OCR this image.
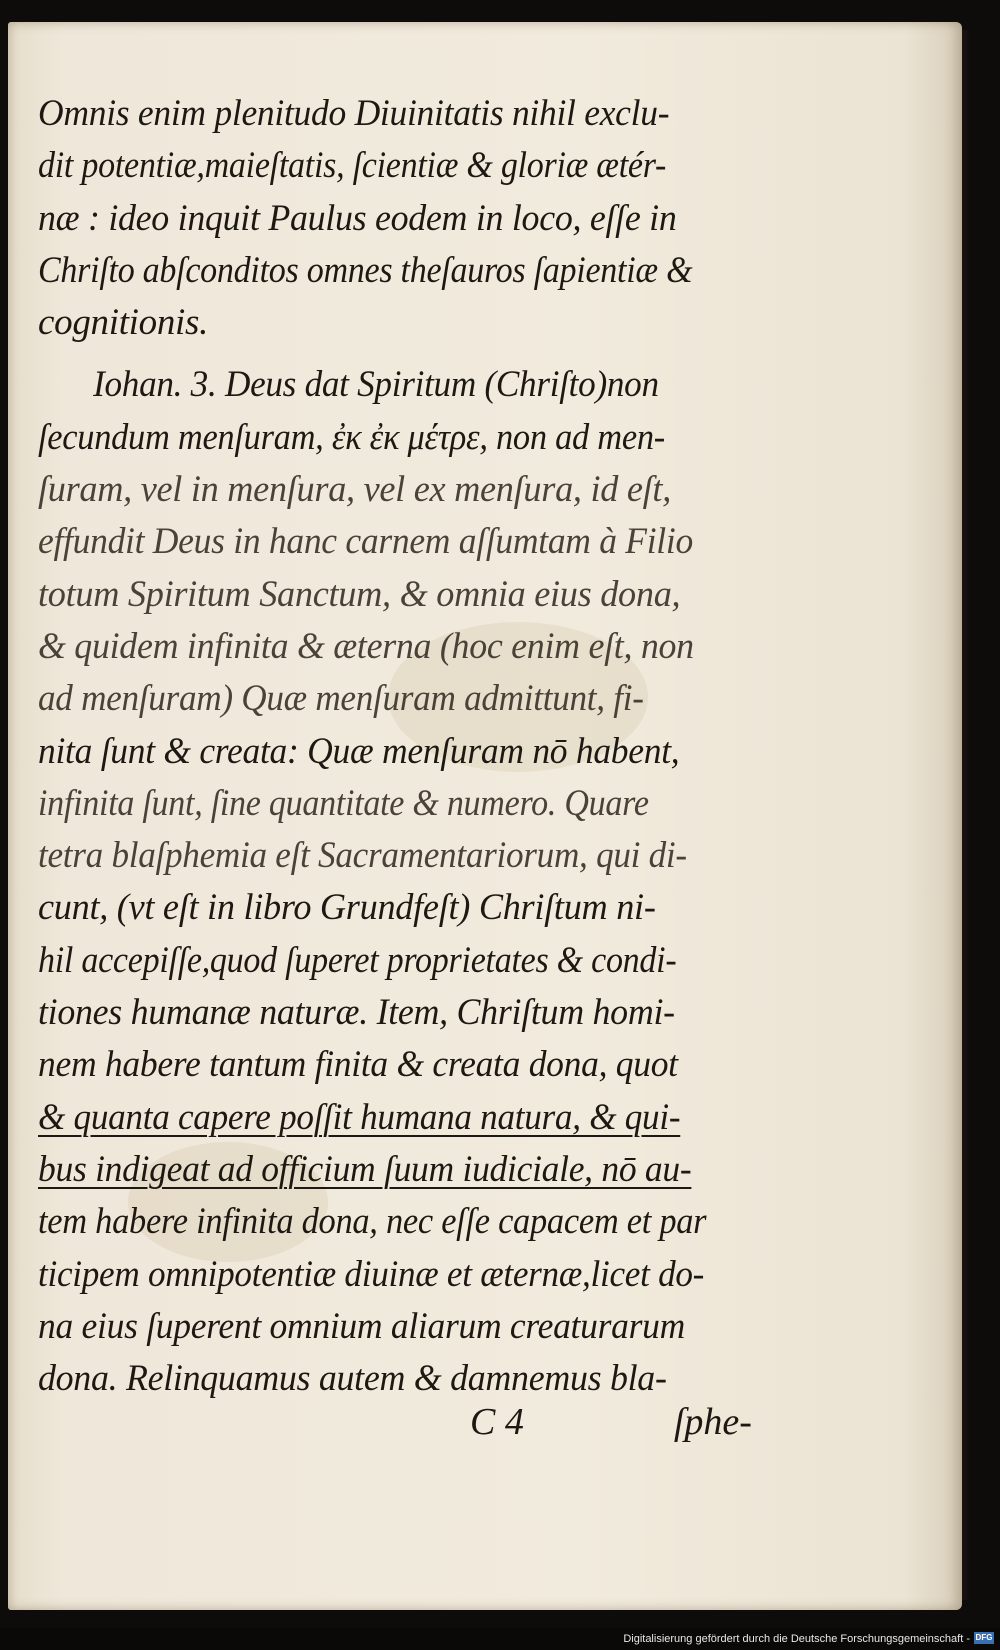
Omnis enim plenitudo Diuinitatis nihil exclu-
dit potentiæ,maieſtatis, ſcientiæ & gloriæ ætér-
næ : ideo inquit Paulus eodem in loco, eſſe in
Chriſto abſconditos omnes theſauros ſapientiæ &
cognitionis.
Iohan. 3. Deus dat Spiritum (Chriſto)non
ſecundum menſuram, ἐκ ἐκ μέτρε, non ad men-
ſuram, vel in menſura, vel ex menſura, id eſt,
effundit Deus in hanc carnem aſſumtam à Filio
totum Spiritum Sanctum, & omnia eius dona,
& quidem infinita & æterna (hoc enim eſt, non
ad menſuram) Quæ menſuram admittunt, fi-
nita ſunt & creata: Quæ menſuram nō habent,
infinita ſunt, ſine quantitate & numero. Quare
tetra blaſphemia eſt Sacramentariorum, qui di-
cunt, (vt eſt in libro Grundfeſt) Chriſtum ni-
hil accepiſſe,quod ſuperet proprietates & condi-
tiones humanæ naturæ. Item, Chriſtum homi-
nem habere tantum finita & creata dona, quot
& quanta capere poſſit humana natura, & qui-
bus indigeat ad officium ſuum iudiciale, nō au-
tem habere infinita dona, nec eſſe capacem et par
ticipem omnipotentiæ diuinæ et æternæ,licet do-
na eius ſuperent omnium aliarum creaturarum
dona. Relinquamus autem & damnemus bla-
C 4	ſphe-
Digitalisierung gefördert durch die Deutsche Forschungsgemeinschaft - DFG
